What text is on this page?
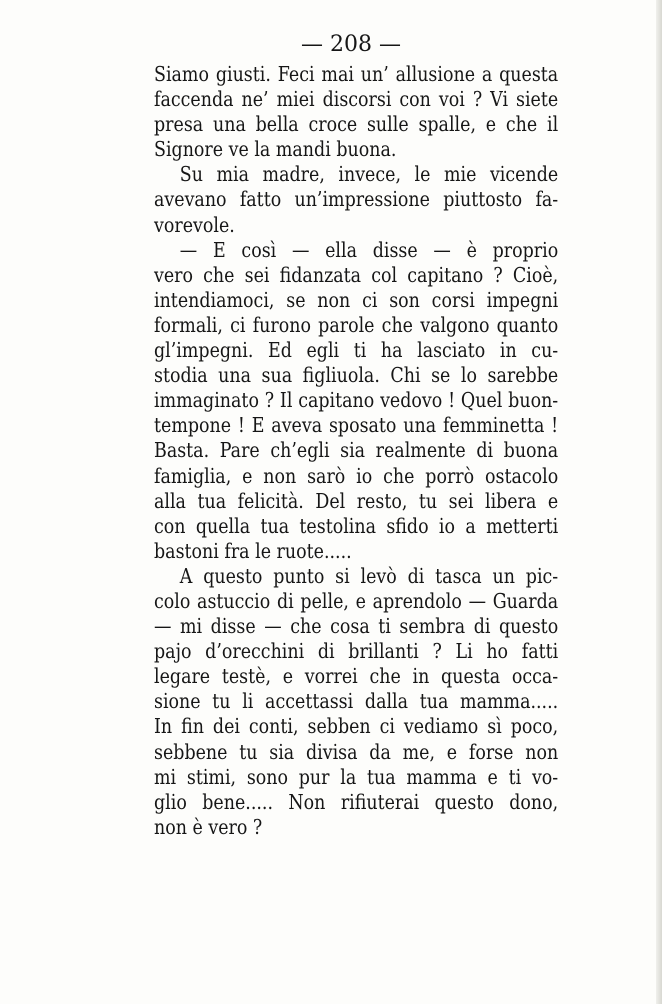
— 208 —
Siamo giusti. Feci mai un’ allusione a questa
faccenda ne’ miei discorsi con voi ? Vi siete
presa una bella croce sulle spalle, e che il
Signore ve la mandi buona.
Su mia madre, invece, le mie vicende
avevano fatto un’impressione piuttosto fa-
vorevole.
— E così — ella disse — è proprio
vero che sei fidanzata col capitano ? Cioè,
intendiamoci, se non ci son corsi impegni
formali, ci furono parole che valgono quanto
gl’impegni. Ed egli ti ha lasciato in cu-
stodia una sua figliuola. Chi se lo sarebbe
immaginato ? Il capitano vedovo ! Quel buon-
tempone ! E aveva sposato una femminetta !
Basta. Pare ch’egli sia realmente di buona
famiglia, e non sarò io che porrò ostacolo
alla tua felicità. Del resto, tu sei libera e
con quella tua testolina sfido io a metterti
bastoni fra le ruote.....
A questo punto si levò di tasca un pic-
colo astuccio di pelle, e aprendolo — Guarda
— mi disse — che cosa ti sembra di questo
pajo d’orecchini di brillanti ? Li ho fatti
legare testè, e vorrei che in questa occa-
sione tu li accettassi dalla tua mamma.....
In fin dei conti, sebben ci vediamo sì poco,
sebbene tu sia divisa da me, e forse non
mi stimi, sono pur la tua mamma e ti vo-
glio bene..... Non rifiuterai questo dono,
non è vero ?
